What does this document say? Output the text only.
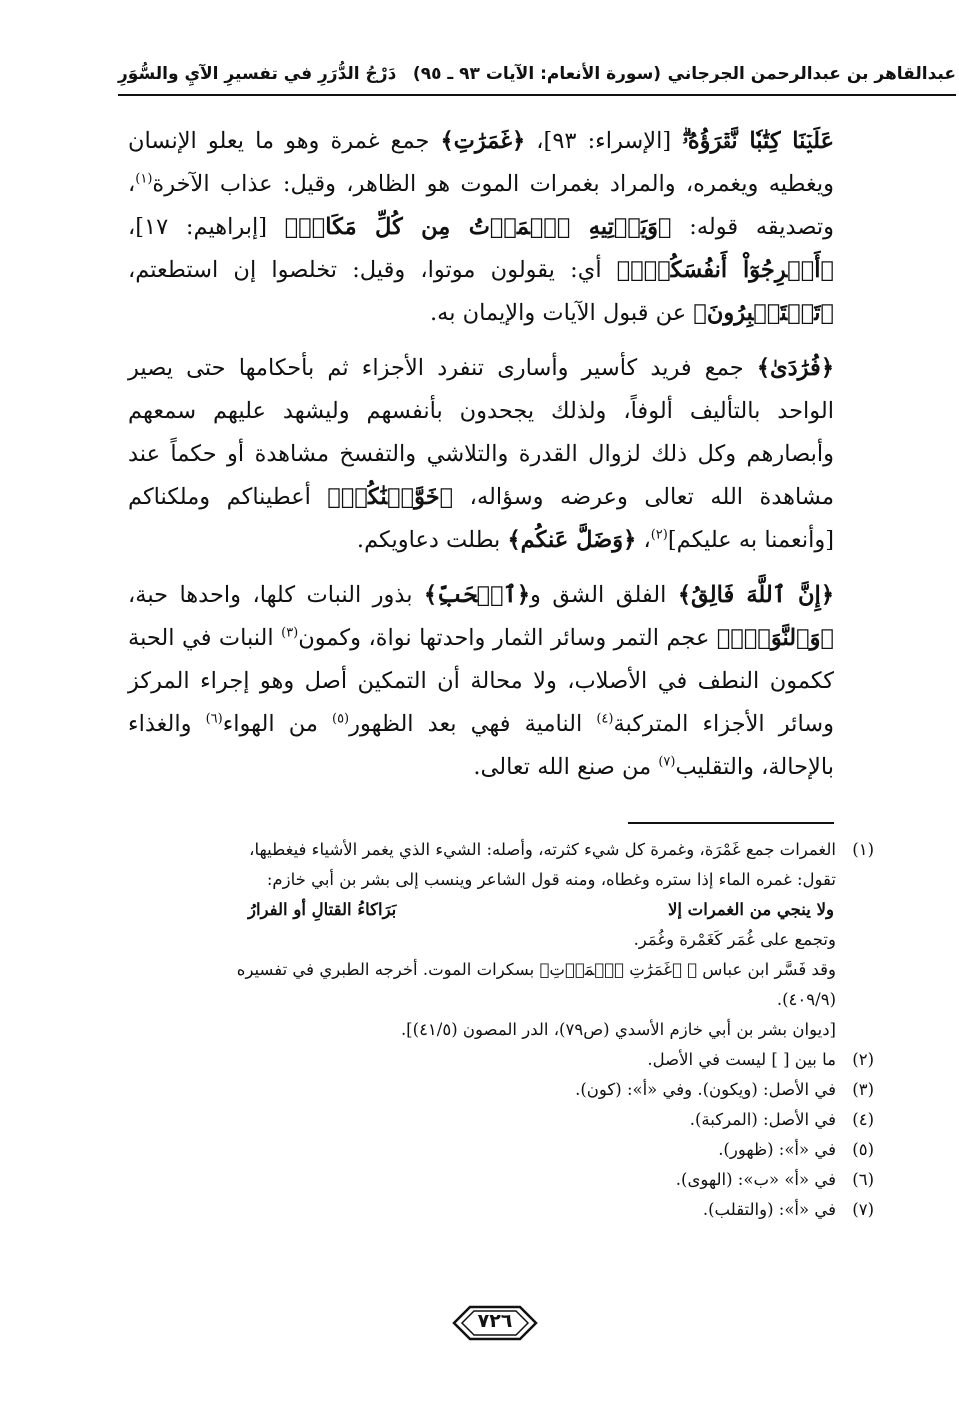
عبدالقاهر بن عبدالرحمن الجرجاني
(سورة الأنعام: الآيات ٩٣ ـ ٩٥)
دَرْجُ الدُّرَرِ في تفسيرِ الآيِ والسُّوَرِ

عَلَيۡنَا كِتَٰبٗا نَّقۡرَؤُهُۥۗ [الإسراء: ٩٣]، ﴿غَمَرَٰتِ﴾ جمع غمرة وهو ما يعلو الإنسان ويغطيه ويغمره، والمراد بغمرات الموت هو الظاهر، وقيل: عذاب الآخرة$^{(١)}$، وتصديقه قوله: ﴿وَيَأۡتِيهِ ٱلۡمَوۡتُ مِن كُلِّ مَكَانٖ﴾ [إبراهيم: ١٧]، ﴿أَخۡرِجُوٓاْ أَنفُسَكُمُۖ﴾ أي: يقولون موتوا، وقيل: تخلصوا إن استطعتم، ﴿تَسۡتَكۡبِرُونَ﴾ عن قبول الآيات والإيمان به.

﴿فُرَٰدَىٰ﴾ جمع فريد كأسير وأسارى تنفرد الأجزاء ثم بأحكامها حتى يصير الواحد بالتأليف ألوفاً، ولذلك يجحدون بأنفسهم وليشهد عليهم سمعهم وأبصارهم وكل ذلك لزوال القدرة والتلاشي والتفسخ مشاهدة أو حكماً عند مشاهدة الله تعالى وعرضه وسؤاله، ﴿خَوَّلۡنَٰكُمۡ﴾ أعطيناكم وملكناكم [وأنعمنا به عليكم]$^{(٢)}$، ﴿وَضَلَّ عَنكُم﴾ بطلت دعاويكم.

﴿إِنَّ ٱللَّهَ فَالِقُ﴾ الفلق الشق و﴿ٱلۡحَبِّ﴾ بذور النبات كلها، واحدها حبة، ﴿وَٱلنَّوَىٰۖ﴾ عجم التمر وسائر الثمار واحدتها نواة، وكمون$^{(٣)}$ النبات في الحبة ككمون النطف في الأصلاب، ولا محالة أن التمكين أصل وهو إجراء المركز وسائر الأجزاء المتركبة$^{(٤)}$ النامية فهي بعد الظهور$^{(٥)}$ من الهواء$^{(٦)}$ والغذاء بالإحالة، والتقليب$^{(٧)}$ من صنع الله تعالى.

(١)
الغمرات جمع غَمْرَة، وغمرة كل شيء كثرته، وأصله: الشيء الذي يغمر الأشياء فيغطيها،
تقول: غمره الماء إذا ستره وغطاه، ومنه قول الشاعر وينسب إلى بشر بن أبي خازم:
ولا ينجي من الغمرات إلا
بَرَاكاءُ القتالِ أو الفرارُ
وتجمع على غُمَر كَغَمْرة وغُمَر.
وقد فَسَّر ابن عباس ﷺ ﴿غَمَرَٰتِ ٱلۡمَوۡتِ﴾ بسكرات الموت. أخرجه الطبري في تفسيره
(٤٠٩/٩).
[ديوان بشر بن أبي خازم الأسدي (ص٧٩)، الدر المصون (٤١/٥)].
(٢)
ما بين [ ] ليست في الأصل.
(٣)
في الأصل: (ويكون). وفي «أ»: (كون).
(٤)
في الأصل: (المركبة).
(٥)
في «أ»: (ظهور).
(٦)
في «أ» «ب»: (الهوى).
(٧)
في «أ»: (والتقلب).
٧٢٦
